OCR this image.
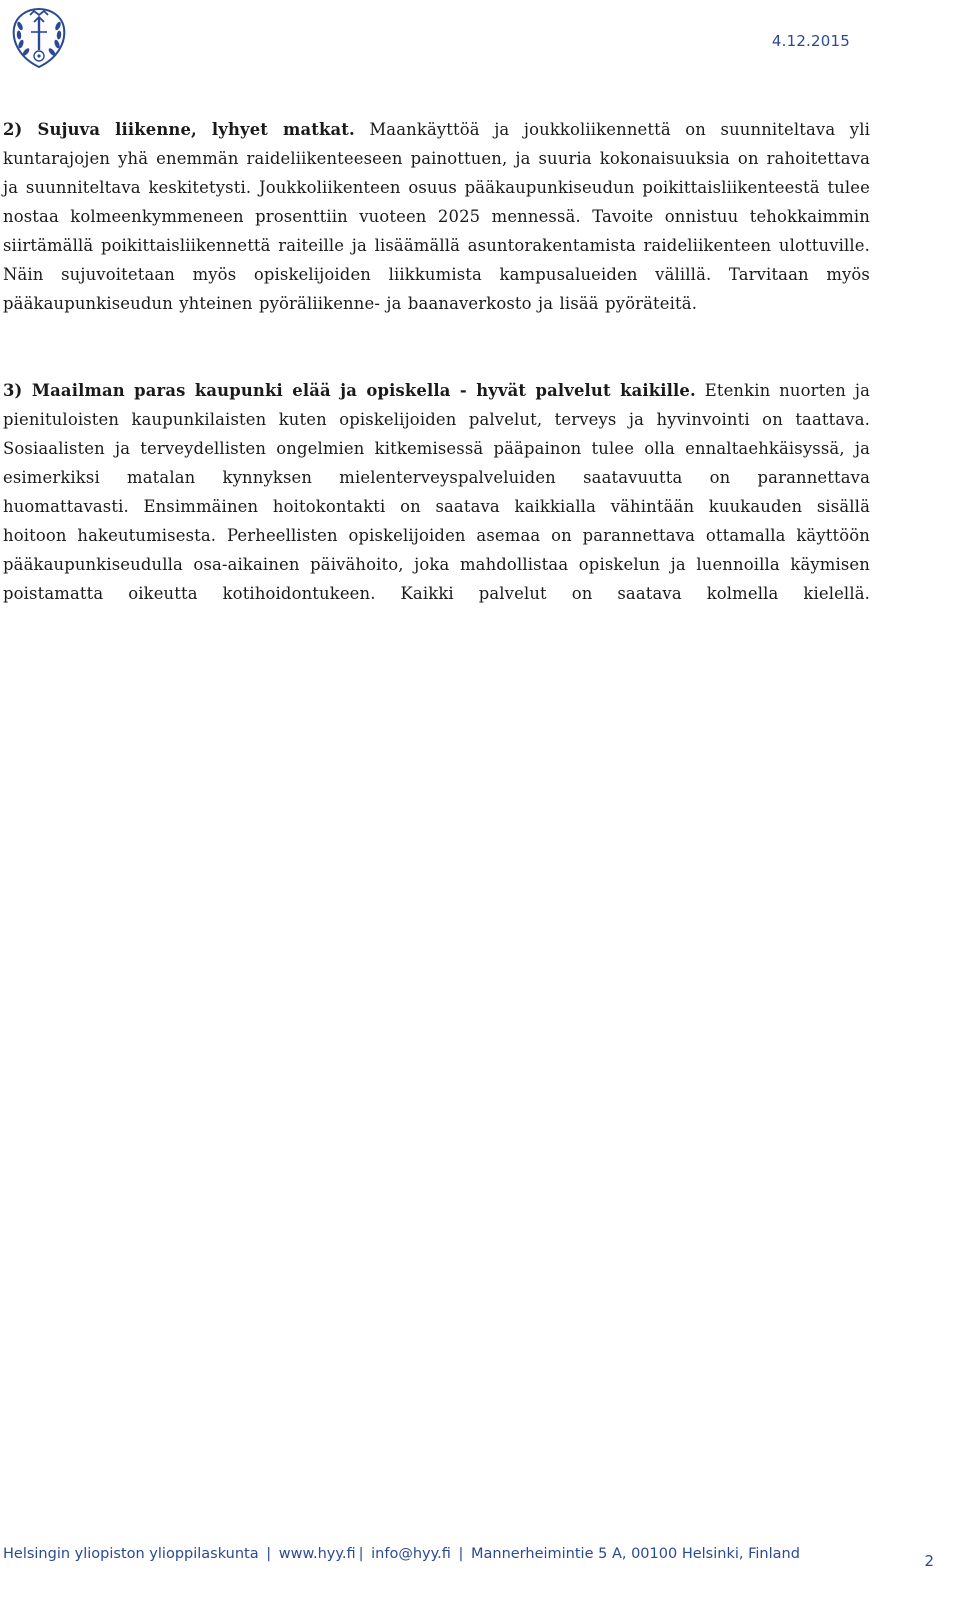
4.12.2015

2) Sujuva liikenne, lyhyet matkat. Maankäyttöä ja joukkoliikennettä on suunniteltava yli kuntarajojen yhä enemmän raideliikenteeseen painottuen, ja suuria kokonaisuuksia on rahoitettava ja suunniteltava keskitetysti. Joukkoliikenteen osuus pääkaupunkiseudun poikittaisliikenteestä tulee nostaa kolmeenkymmeneen prosenttiin vuoteen 2025 mennessä. Tavoite onnistuu tehokkaimmin siirtämällä poikittaisliikennettä raiteille ja lisäämällä asuntorakentamista raideliikenteen ulottuville. Näin sujuvoitetaan myös opiskelijoiden liikkumista kampusalueiden välillä. Tarvitaan myös pääkaupunkiseudun yhteinen pyöräliikenne- ja baanaverkosto ja lisää pyöräteitä.

3) Maailman paras kaupunki elää ja opiskella - hyvät palvelut kaikille. Etenkin nuorten ja pienituloisten kaupunkilaisten kuten opiskelijoiden palvelut, terveys ja hyvinvointi on taattava. Sosiaalisten ja terveydellisten ongelmien kitkemisessä pääpainon tulee olla ennaltaehkäisyssä, ja esimerkiksi matalan kynnyksen mielenterveyspalveluiden saatavuutta on parannettava huomattavasti. Ensimmäinen hoitokontakti on saatava kaikkialla vähintään kuukauden sisällä hoitoon hakeutumisesta. Perheellisten opiskelijoiden asemaa on parannettava ottamalla käyttöön pääkaupunkiseudulla osa-aikainen päivähoito, joka mahdollistaa opiskelun ja luennoilla käymisen poistamatta oikeutta kotihoidontukeen. Kaikki palvelut on saatava kolmella kielellä.

Helsingin yliopiston ylioppilaskunta | www.hyy.fi | info@hyy.fi | Mannerheimintie 5 A, 00100 Helsinki, Finland	2
